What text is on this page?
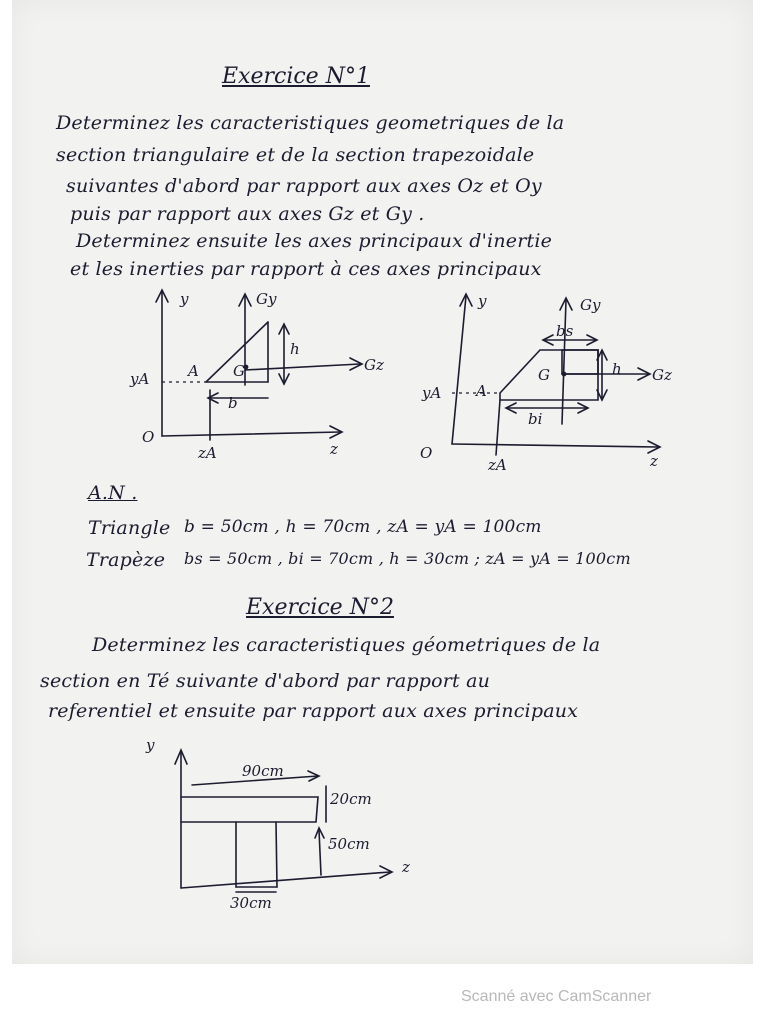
Exercice N°1
Determinez les caracteristiques geometriques de la
section triangulaire et de la section trapezoidale
suivantes d'abord par rapport aux axes Oz et Oy
puis par rapport aux axes Gz et Gy .
Determinez ensuite les axes principaux d'inertie
et les inerties par rapport à ces axes principaux
y	Gy
Gz
yA	A G
h
b
O
zA	z
y	Gy
Gz
yA A
G
bs
bi
h
O
zA	z
A.N .
Triangle b = 50cm , h = 70cm , zA = yA = 100cm
Trapèze bs = 50cm , bi = 70cm , h = 30cm ; zA = yA = 100cm
Exercice N°2
Determinez les caracteristiques géometriques de la
section en Té suivante d'abord par rapport au
referentiel et ensuite par rapport aux axes principaux
y
z
90cm
20cm
50cm
30cm
Scanné avec CamScanner
